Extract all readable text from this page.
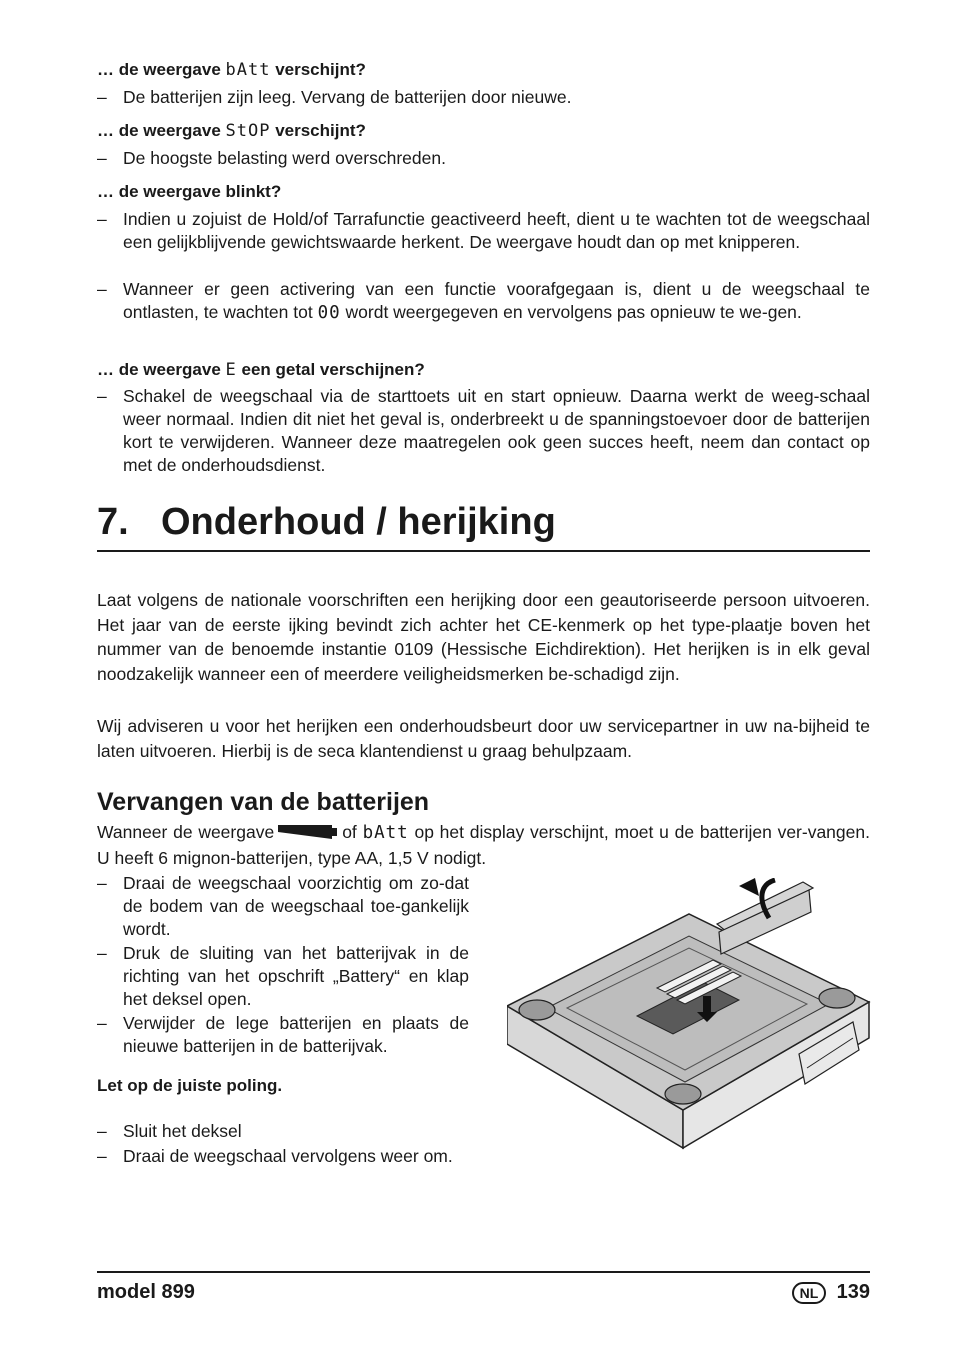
… de weergave bAtt verschijnt?
– De batterijen zijn leeg. Vervang de batterijen door nieuwe.
… de weergave StOP verschijnt?
– De hoogste belasting werd overschreden.
… de weergave blinkt?
– Indien u zojuist de Hold/of Tarrafunctie geactiveerd heeft, dient u te wachten tot de weegschaal een gelijkblijvende gewichtswaarde herkent. De weergave houdt dan op met knipperen.
– Wanneer er geen activering van een functie voorafgegaan is, dient u de weegschaal te ontlasten, te wachten tot 00 wordt weergegeven en vervolgens pas opnieuw te we-gen.
… de weergave E een getal verschijnen?
– Schakel de weegschaal via de starttoets uit en start opnieuw. Daarna werkt de weeg-schaal weer normaal. Indien dit niet het geval is, onderbreekt u de spanningstoevoer door de batterijen kort te verwijderen. Wanneer deze maatregelen ook geen succes heeft, neem dan contact op met de onderhoudsdienst.
7. Onderhoud / herijking

Laat volgens de nationale voorschriften een herijking door een geautoriseerde persoon uitvoeren. Het jaar van de eerste ijking bevindt zich achter het CE-kenmerk op het type-plaatje boven het nummer van de benoemde instantie 0109 (Hessische Eichdirektion). Het herijken is in elk geval noodzakelijk wanneer een of meerdere veiligheidsmerken be-schadigd zijn.

Wij adviseren u voor het herijken een onderhoudsbeurt door uw servicepartner in uw na-bijheid te laten uitvoeren. Hierbij is de seca klantendienst u graag behulpzaam.

Vervangen van de batterijen

Wanneer de weergave	of bAtt op het display verschijnt, moet u de batterijen ver-vangen. U heeft 6 mignon-batterijen, type AA, 1,5 V nodigt.

– Draai de weegschaal voorzichtig om zo-dat de bodem van de weegschaal toe-gankelijk wordt.
– Druk de sluiting van het batterijvak in de richting van het opschrift „Battery“ en klap het deksel open.
– Verwijder de lege batterijen en plaats de nieuwe batterijen in de batterijvak.
Let op de juiste poling.
– Sluit het deksel
– Draai de weegschaal vervolgens weer om.
model 899	NL 139
